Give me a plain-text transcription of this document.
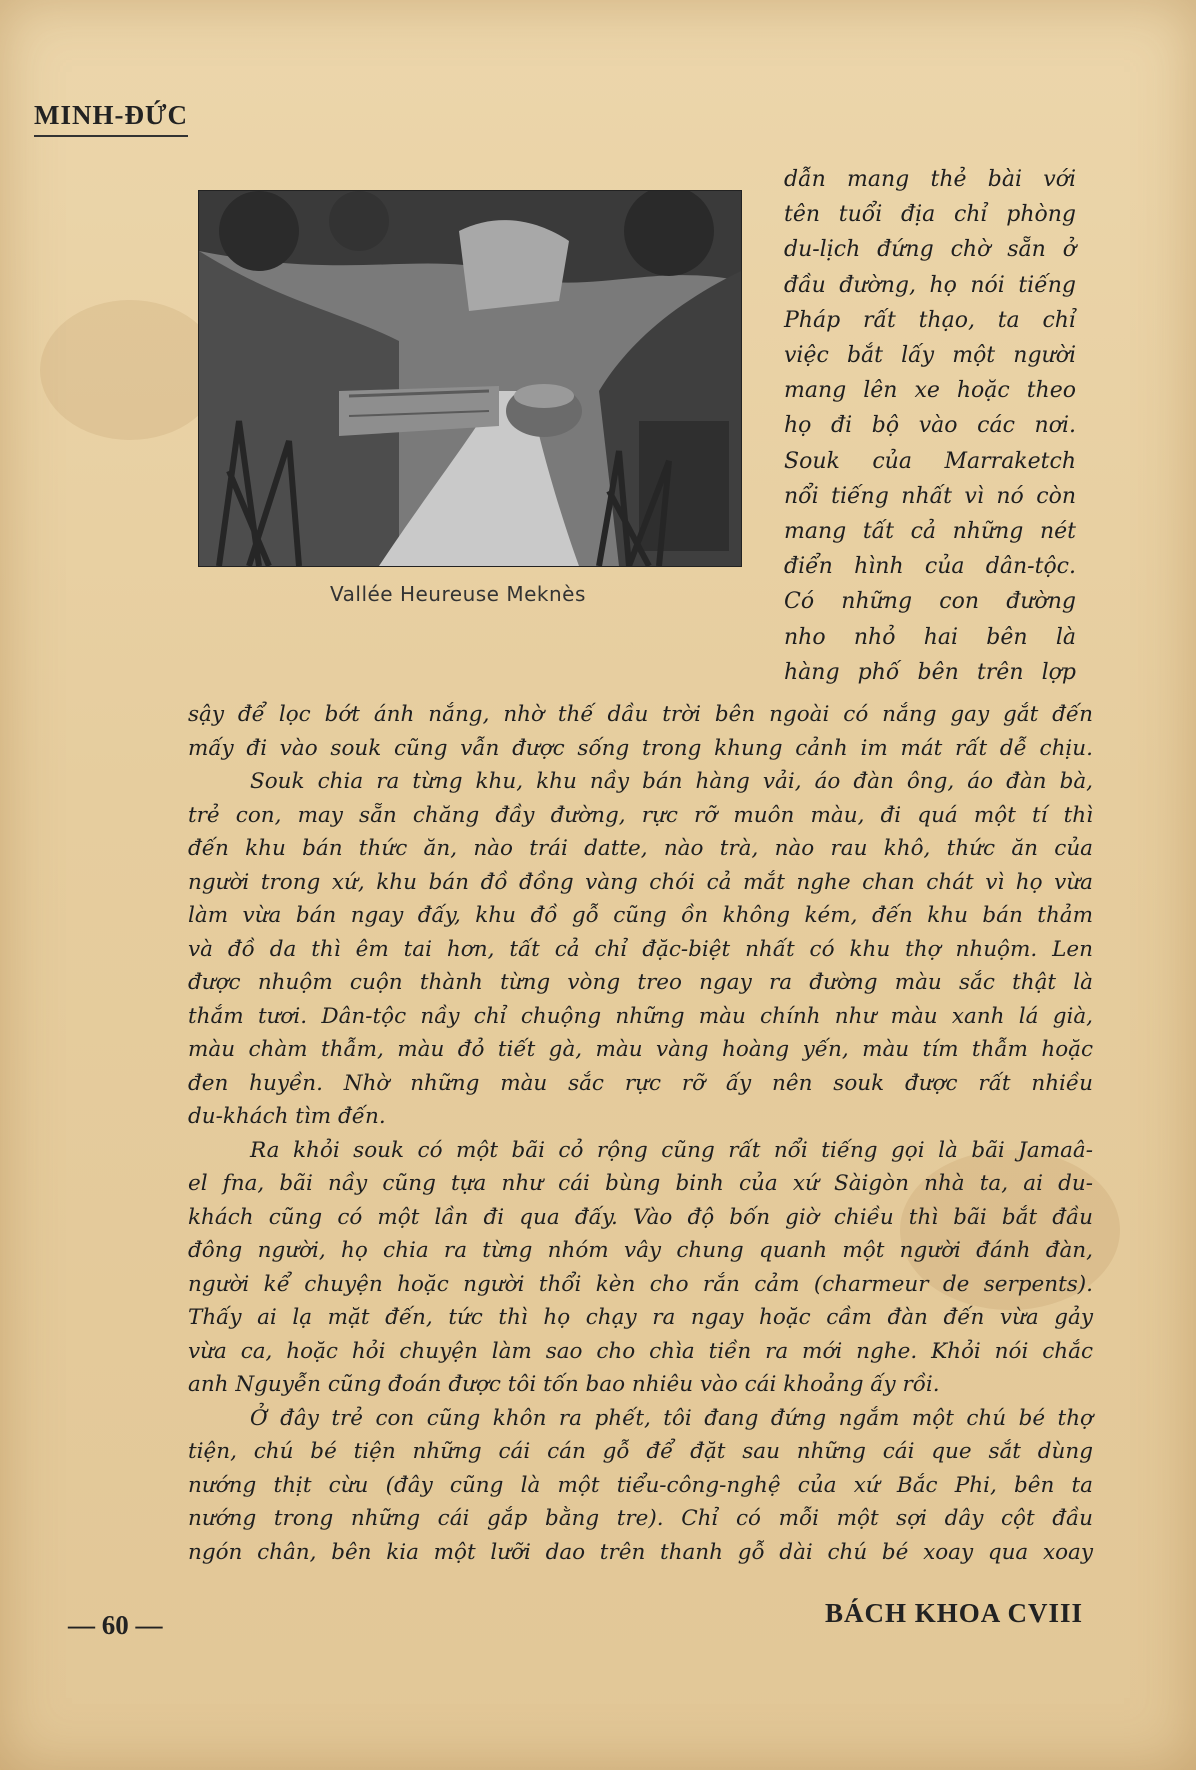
MINH-ĐỨC
Vallée Heureuse Meknès
dẫn mang thẻ bài với
tên tuổi địa chỉ phòng
du-lịch đứng chờ sẵn ở
đầu đường, họ nói tiếng
Pháp rất thạo, ta chỉ
việc bắt lấy một người
mang lên xe hoặc theo
họ đi bộ vào các nơi.
Souk của Marraketch
nổi tiếng nhất vì nó còn
mang tất cả những nét
điển hình của dân-tộc.
Có những con đường
nho nhỏ hai bên là
hàng phố bên trên lợp
sậy để lọc bớt ánh nắng, nhờ thế dầu trời bên ngoài có nắng gay gắt đến
mấy đi vào souk cũng vẫn được sống trong khung cảnh im mát rất dễ chịu.
Souk chia ra từng khu, khu nầy bán hàng vải, áo đàn ông, áo đàn bà,
trẻ con, may sẵn chăng đầy đường, rực rỡ muôn màu, đi quá một tí thì
đến khu bán thức ăn, nào trái datte, nào trà, nào rau khô, thức ăn của
người trong xứ, khu bán đồ đồng vàng chói cả mắt nghe chan chát vì họ vừa
làm vừa bán ngay đấy, khu đồ gỗ cũng ồn không kém, đến khu bán thảm
và đồ da thì êm tai hơn, tất cả chỉ đặc-biệt nhất có khu thợ nhuộm. Len
được nhuộm cuộn thành từng vòng treo ngay ra đường màu sắc thật là
thắm tươi. Dân-tộc nầy chỉ chuộng những màu chính như màu xanh lá già,
màu chàm thẫm, màu đỏ tiết gà, màu vàng hoàng yến, màu tím thẫm hoặc
đen huyền. Nhờ những màu sắc rực rỡ ấy nên souk được rất nhiều
du-khách tìm đến.
Ra khỏi souk có một bãi cỏ rộng cũng rất nổi tiếng gọi là bãi Jamaâ-
el fna, bãi nầy cũng tựa như cái bùng binh của xứ Sàigòn nhà ta, ai du-
khách cũng có một lần đi qua đấy. Vào độ bốn giờ chiều thì bãi bắt đầu
đông người, họ chia ra từng nhóm vây chung quanh một người đánh đàn,
người kể chuyện hoặc người thổi kèn cho rắn cảm (charmeur de serpents).
Thấy ai lạ mặt đến, tức thì họ chạy ra ngay hoặc cầm đàn đến vừa gảy
vừa ca, hoặc hỏi chuyện làm sao cho chìa tiền ra mới nghe. Khỏi nói chắc
anh Nguyễn cũng đoán được tôi tốn bao nhiêu vào cái khoảng ấy rồi.
Ở đây trẻ con cũng khôn ra phết, tôi đang đứng ngắm một chú bé thợ
tiện, chú bé tiện những cái cán gỗ để đặt sau những cái que sắt dùng
nướng thịt cừu (đây cũng là một tiểu-công-nghệ của xứ Bắc Phi, bên ta
nướng trong những cái gắp bằng tre). Chỉ có mỗi một sợi dây cột đầu
ngón chân, bên kia một lưỡi dao trên thanh gỗ dài chú bé xoay qua xoay
— 60 —	BÁCH KHOA CVIII
